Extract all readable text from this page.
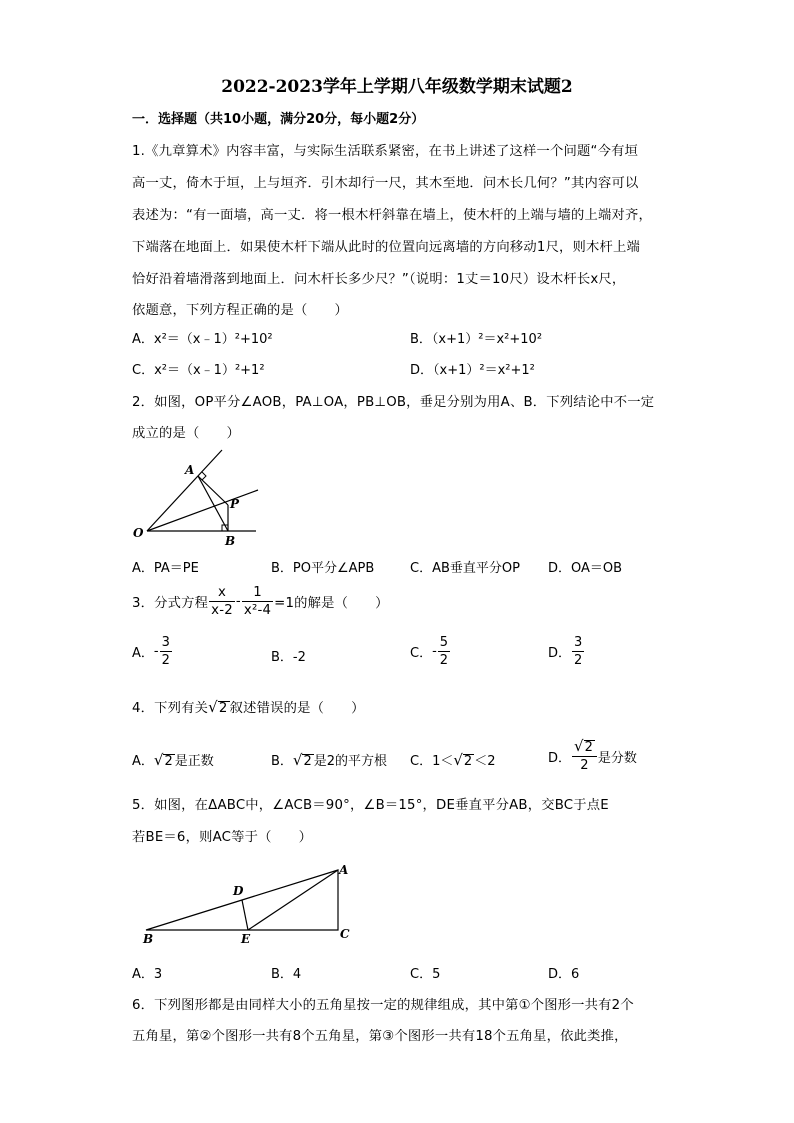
2022-2023学年上学期八年级数学期末试题2
一．选择题（共10小题，满分20分，每小题2分）
1.《九章算术》内容丰富，与实际生活联系紧密，在书上讲述了这样一个问题“今有垣
高一丈，倚木于垣，上与垣齐．引木却行一尺，其木至地．问木长几何？”其内容可以
表述为：“有一面墙，高一丈．将一根木杆斜靠在墙上，使木杆的上端与墙的上端对齐，
下端落在地面上．如果使木杆下端从此时的位置向远离墙的方向移动1尺，则木杆上端
恰好沿着墙滑落到地面上．问木杆长多少尺？”（说明：1丈＝10尺）设木杆长x尺，
依题意，下列方程正确的是（　　）
A．x²＝（x﹣1）²+10²	B．（x+1）²＝x²+10²
C．x²＝（x﹣1）²+1²	D．（x+1）²＝x²+1²
2．如图，OP平分∠AOB，PA⊥OA，PB⊥OB，垂足分别为用A、B．下列结论中不一定
成立的是（　　）
A
P
O
B
A．PA＝PE	B．PO平分∠APB	C．AB垂直平分OP D．OA＝OB
3．分式方程 $\frac{x}{x-2} - \frac{1}{\text{x²-4}} =1$的解是（　　）
A． - $\frac{3}{2}$	B．-2	C． - $\frac{5}{2}$	D． $\frac{3}{2}$
4．下列有关√2 叙述错误的是（　　）
A．√2 是正数	B．√2 是2的平方根 C．1＜√2 ＜2	D． $\frac{√2}{2}$ 是分数
5．如图，在ΔABC中，∠ACB＝90°，∠B＝15°，DE垂直平分AB，交BC于点E
若BE＝6，则AC等于（　　）
D
A
B	E	C
A．3	B．4	C．5	D．6
6．下列图形都是由同样大小的五角星按一定的规律组成，其中第①个图形一共有2个
五角星，第②个图形一共有8个五角星，第③个图形一共有18个五角星，依此类推，
